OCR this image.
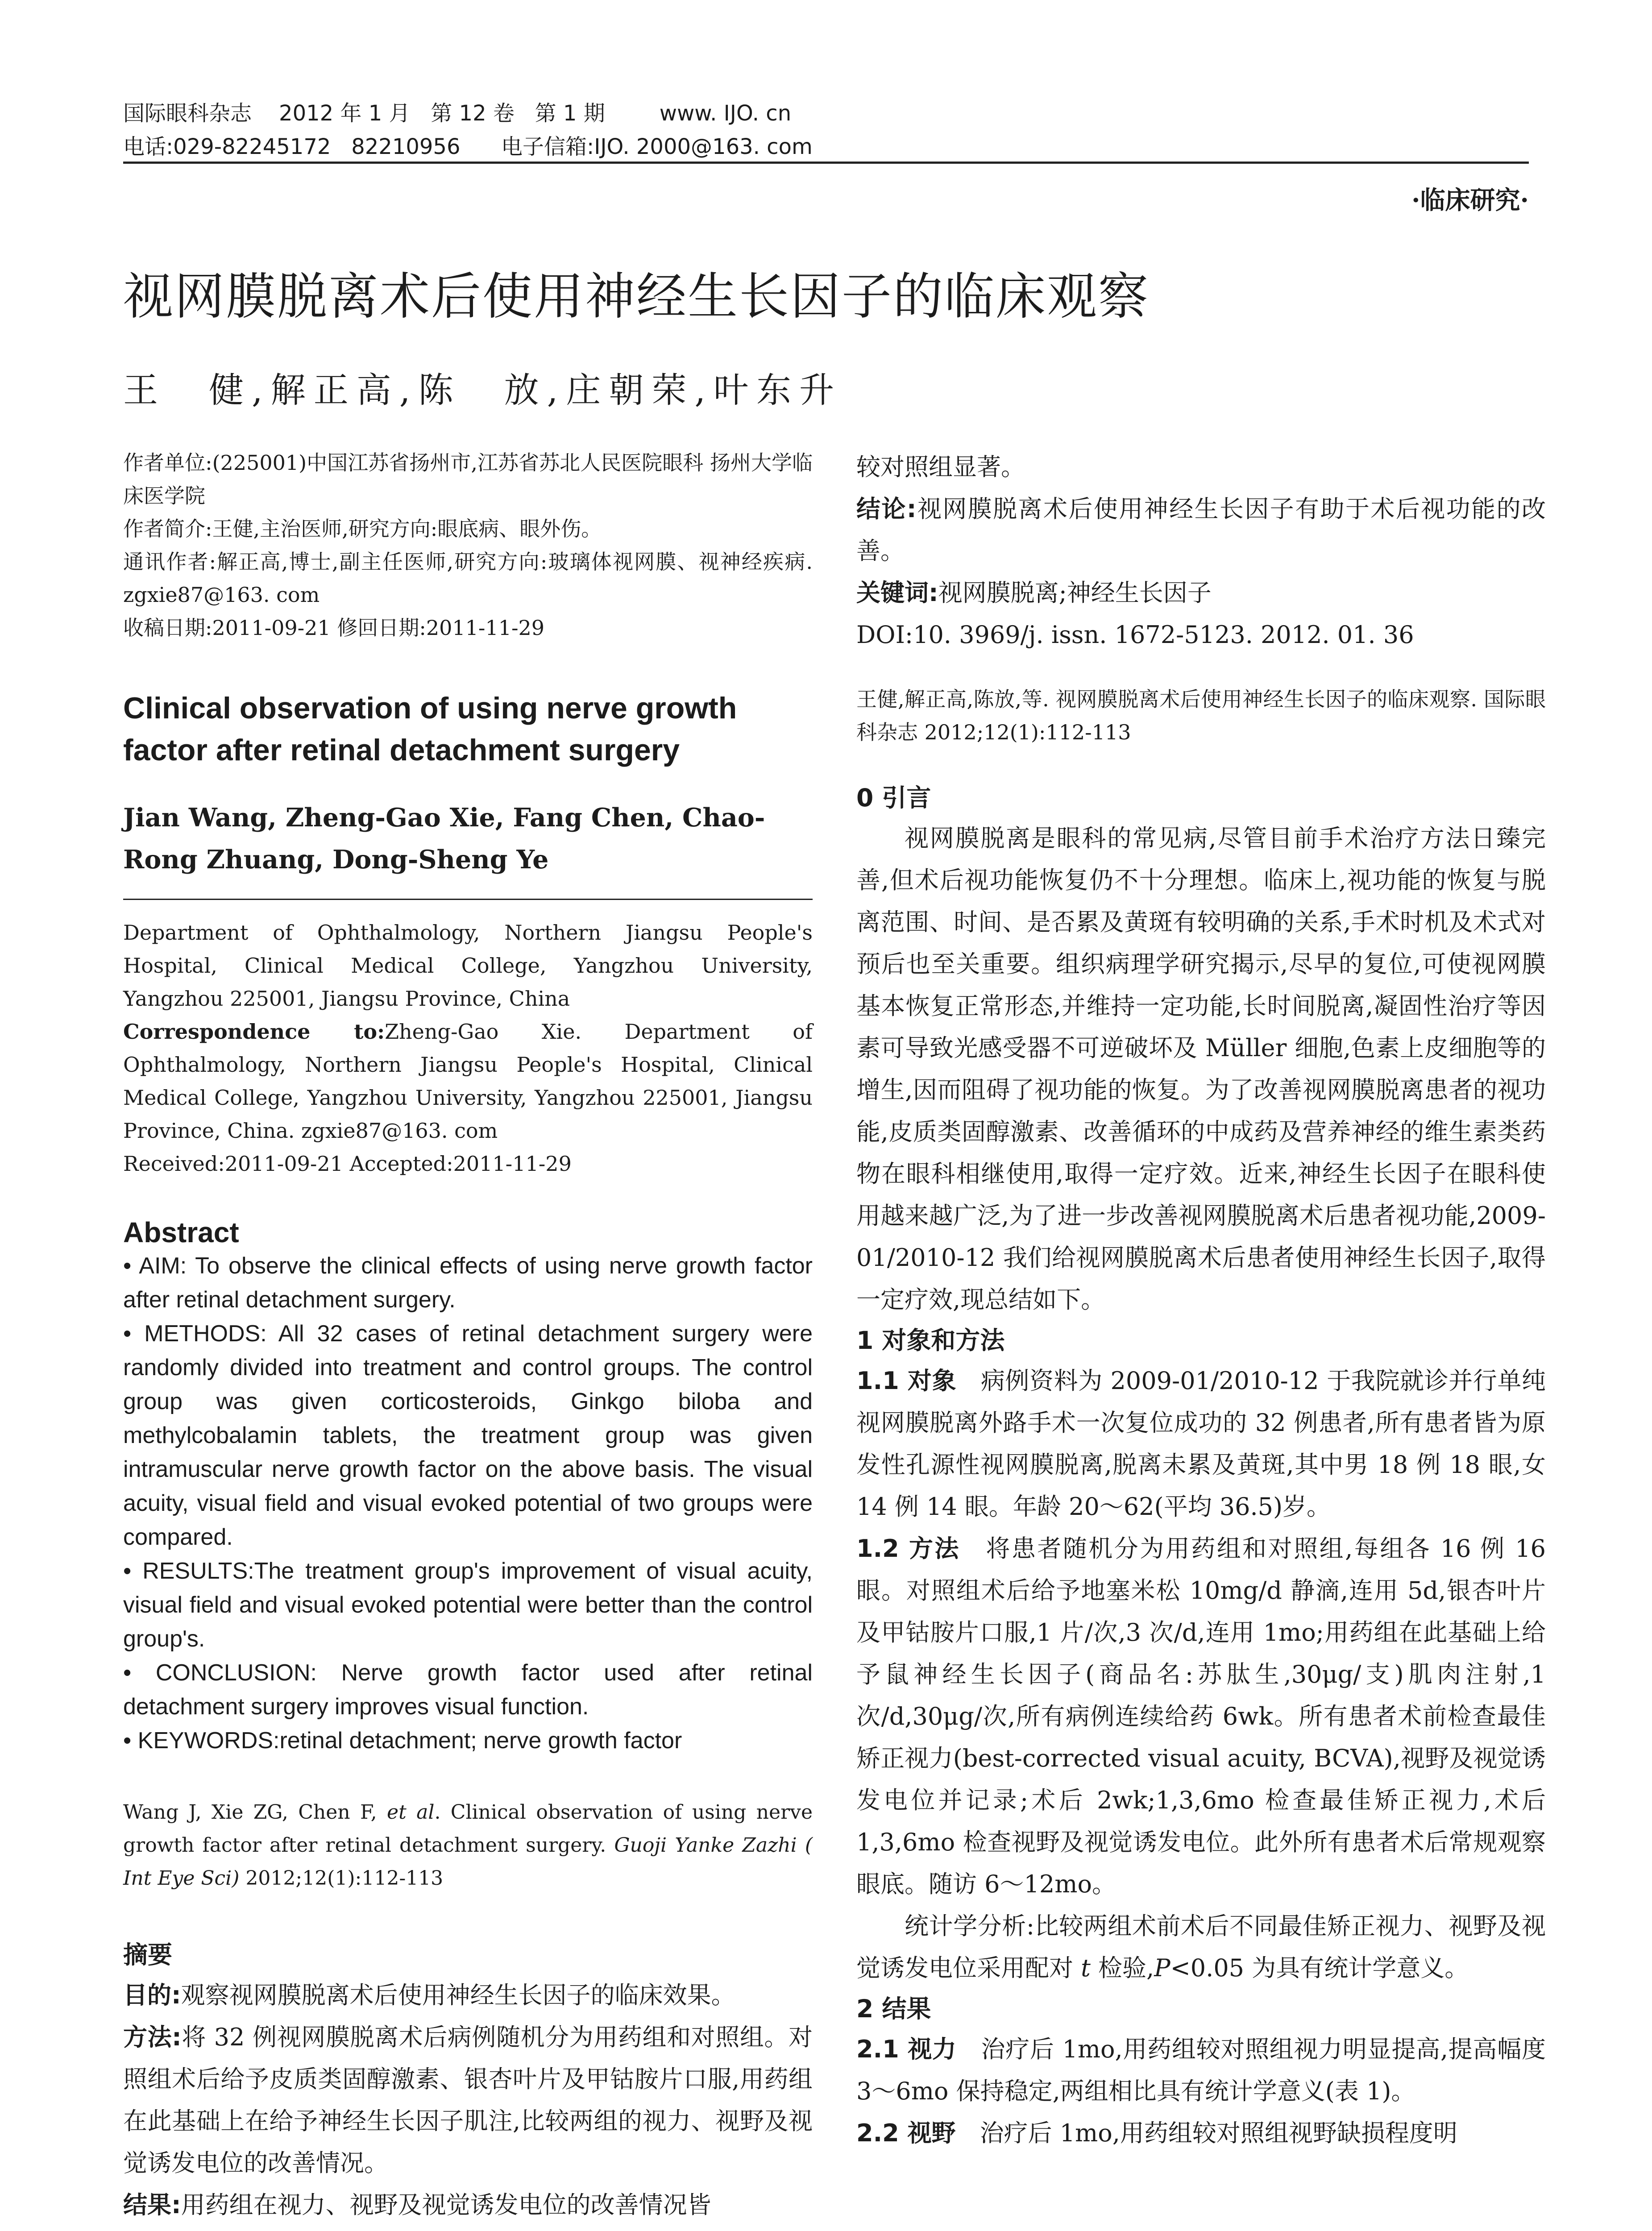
国际眼科杂志    2012 年 1 月   第 12 卷   第 1 期        www. IJO. cn
电话:029-82245172   82210956      电子信箱:IJO. 2000@163. com
·临床研究·
视网膜脱离术后使用神经生长因子的临床观察
王　健,解正高,陈　放,庄朝荣,叶东升

作者单位:(225001)中国江苏省扬州市,江苏省苏北人民医院眼科 扬州大学临床医学院

作者简介:王健,主治医师,研究方向:眼底病、眼外伤。

通讯作者:解正高,博士,副主任医师,研究方向:玻璃体视网膜、视神经疾病. zgxie87@163. com

收稿日期:2011-09-21 修回日期:2011-11-29

Clinical observation of using nerve growth factor after retinal detachment surgery

Jian Wang, Zheng-Gao Xie, Fang Chen, Chao-Rong Zhuang, Dong-Sheng Ye

Department of Ophthalmology, Northern Jiangsu People's Hospital, Clinical Medical College, Yangzhou University, Yangzhou 225001, Jiangsu Province, China

Correspondence to:Zheng-Gao Xie. Department of Ophthalmology, Northern Jiangsu People's Hospital, Clinical Medical College, Yangzhou University, Yangzhou 225001, Jiangsu Province, China. zgxie87@163. com

Received:2011-09-21 Accepted:2011-11-29

Abstract

• AIM: To observe the clinical effects of using nerve growth factor after retinal detachment surgery.

• METHODS: All 32 cases of retinal detachment surgery were randomly divided into treatment and control groups. The control group was given corticosteroids, Ginkgo biloba and methylcobalamin tablets, the treatment group was given intramuscular nerve growth factor on the above basis. The visual acuity, visual field and visual evoked potential of two groups were compared.

• RESULTS:The treatment group's improvement of visual acuity, visual field and visual evoked potential were better than the control group's.

• CONCLUSION: Nerve growth factor used after retinal detachment surgery improves visual function.

• KEYWORDS:retinal detachment; nerve growth factor

Wang J, Xie ZG, Chen F, et al. Clinical observation of using nerve growth factor after retinal detachment surgery. Guoji Yanke Zazhi ( Int Eye Sci) 2012;12(1):112-113

摘要

目的:观察视网膜脱离术后使用神经生长因子的临床效果。

方法:将 32 例视网膜脱离术后病例随机分为用药组和对照组。对照组术后给予皮质类固醇激素、银杏叶片及甲钴胺片口服,用药组在此基础上在给予神经生长因子肌注,比较两组的视力、视野及视觉诱发电位的改善情况。

结果:用药组在视力、视野及视觉诱发电位的改善情况皆

较对照组显著。

结论:视网膜脱离术后使用神经生长因子有助于术后视功能的改善。

关键词:视网膜脱离;神经生长因子

DOI:10. 3969/j. issn. 1672-5123. 2012. 01. 36

王健,解正高,陈放,等. 视网膜脱离术后使用神经生长因子的临床观察. 国际眼科杂志 2012;12(1):112-113

0 引言

视网膜脱离是眼科的常见病,尽管目前手术治疗方法日臻完善,但术后视功能恢复仍不十分理想。临床上,视功能的恢复与脱离范围、时间、是否累及黄斑有较明确的关系,手术时机及术式对预后也至关重要。组织病理学研究揭示,尽早的复位,可使视网膜基本恢复正常形态,并维持一定功能,长时间脱离,凝固性治疗等因素可导致光感受器不可逆破坏及 Müller 细胞,色素上皮细胞等的增生,因而阻碍了视功能的恢复。为了改善视网膜脱离患者的视功能,皮质类固醇激素、改善循环的中成药及营养神经的维生素类药物在眼科相继使用,取得一定疗效。近来,神经生长因子在眼科使用越来越广泛,为了进一步改善视网膜脱离术后患者视功能,2009-01/2010-12 我们给视网膜脱离术后患者使用神经生长因子,取得一定疗效,现总结如下。

1 对象和方法

1.1 对象　 病例资料为 2009-01/2010-12 于我院就诊并行单纯视网膜脱离外路手术一次复位成功的 32 例患者,所有患者皆为原发性孔源性视网膜脱离,脱离未累及黄斑,其中男 18 例 18 眼,女 14 例 14 眼。年龄 20～62(平均 36.5)岁。

1.2 方法　 将患者随机分为用药组和对照组,每组各 16 例 16 眼。对照组术后给予地塞米松 10mg/d 静滴,连用 5d,银杏叶片及甲钴胺片口服,1 片/次,3 次/d,连用 1mo;用药组在此基础上给予鼠神经生长因子(商品名:苏肽生,30μg/支)肌肉注射,1 次/d,30μg/次,所有病例连续给药 6wk。所有患者术前检查最佳矫正视力(best-corrected visual acuity, BCVA),视野及视觉诱发电位并记录;术后 2wk;1,3,6mo 检查最佳矫正视力,术后 1,3,6mo 检查视野及视觉诱发电位。此外所有患者术后常规观察眼底。随访 6～12mo。

统计学分析:比较两组术前术后不同最佳矫正视力、视野及视觉诱发电位采用配对 t 检验,P<0.05 为具有统计学意义。

2 结果

2.1 视力　 治疗后 1mo,用药组较对照组视力明显提高,提高幅度 3～6mo 保持稳定,两组相比具有统计学意义(表 1)。

2.2 视野　 治疗后 1mo,用药组较对照组视野缺损程度明
